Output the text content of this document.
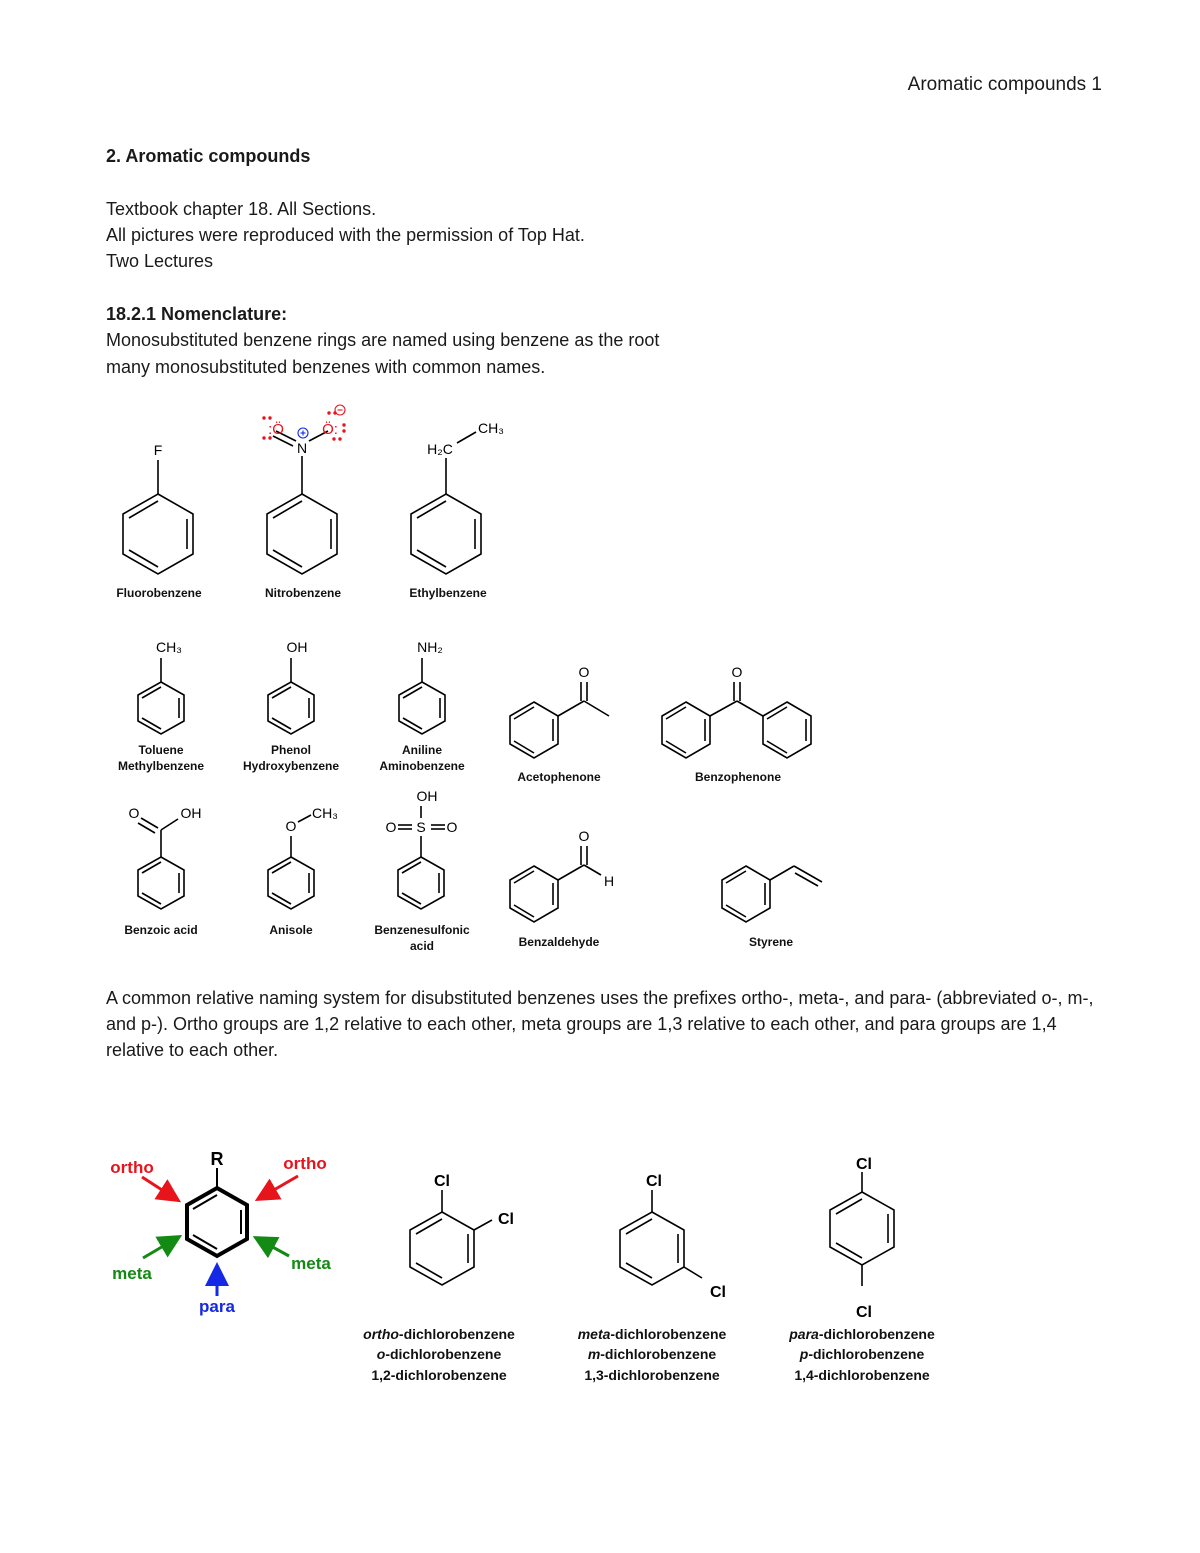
Aromatic compounds 1

2. Aromatic compounds

Textbook chapter 18. All Sections.

All pictures were reproduced with the permission of Top Hat.

Two Lectures

18.2.1 Nomenclature:

Monosubstituted benzene rings are named using benzene as the root

many monosubstituted benzenes with common names.

F
:Ö
N
Ö:
H₂C
CH₃
CH₃	OH	NH₂
O	O
O	OH
O
CH₃
OH
O S O
O
H
Fluorobenzene	Nitrobenzene	Ethylbenzene
Toluene
Methylbenzene
Phenol
Hydroxybenzene
Aniline
Aminobenzene
Acetophenone	Benzophenone
Benzoic acid	Anisole	Benzenesulfonic
acid	Benzaldehyde	Styrene

A common relative naming system for disubstituted benzenes uses the prefixes ortho-, meta-, and para- (abbreviated o-, m-, and p-). Ortho groups are 1,2 relative to each other, meta groups are 1,3 relative to each other, and para groups are 1,4 relative to each other.

R
ortho	ortho
meta
meta
para
Cl
Cl
Cl
Cl
Cl
Cl
ortho-dichlorobenzene
o-dichlorobenzene
1,2-dichlorobenzene
meta-dichlorobenzene
m-dichlorobenzene
1,3-dichlorobenzene
para-dichlorobenzene
p-dichlorobenzene
1,4-dichlorobenzene
